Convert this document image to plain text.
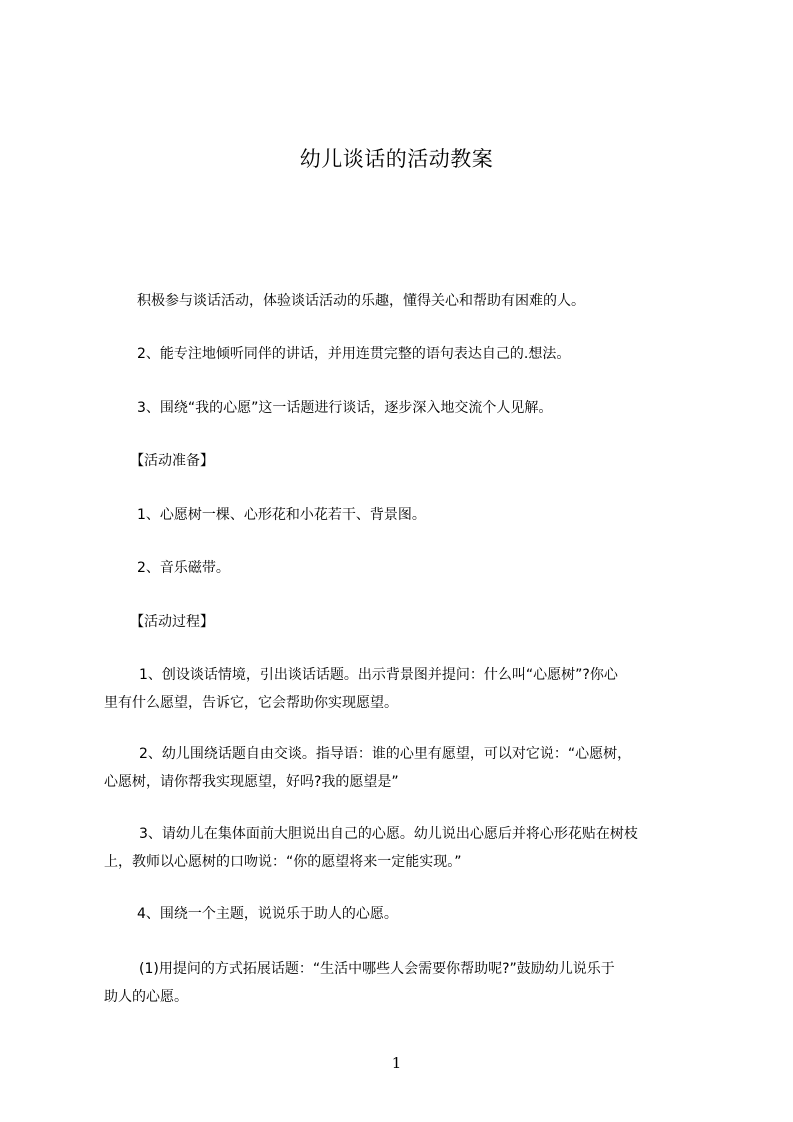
幼儿谈话的活动教案

积极参与谈话活动，体验谈话活动的乐趣，懂得关心和帮助有困难的人。

2、能专注地倾听同伴的讲话，并用连贯完整的语句表达自己的.想法。

3、围绕“我的心愿”这一话题进行谈话，逐步深入地交流个人见解。

【活动准备】

1、心愿树一棵、心形花和小花若干、背景图。

2、音乐磁带。

【活动过程】

1、创设谈话情境，引出谈话话题。出示背景图并提问：什么叫“心愿树”?你心
里有什么愿望，告诉它，它会帮助你实现愿望。

2、幼儿围绕话题自由交谈。指导语：谁的心里有愿望，可以对它说：“心愿树，
心愿树，请你帮我实现愿望，好吗?我的愿望是”

3、请幼儿在集体面前大胆说出自己的心愿。幼儿说出心愿后并将心形花贴在树枝
上，教师以心愿树的口吻说：“你的愿望将来一定能实现。”

4、围绕一个主题，说说乐于助人的心愿。

(1)用提问的方式拓展话题：“生活中哪些人会需要你帮助呢?”鼓励幼儿说乐于
助人的心愿。

1
